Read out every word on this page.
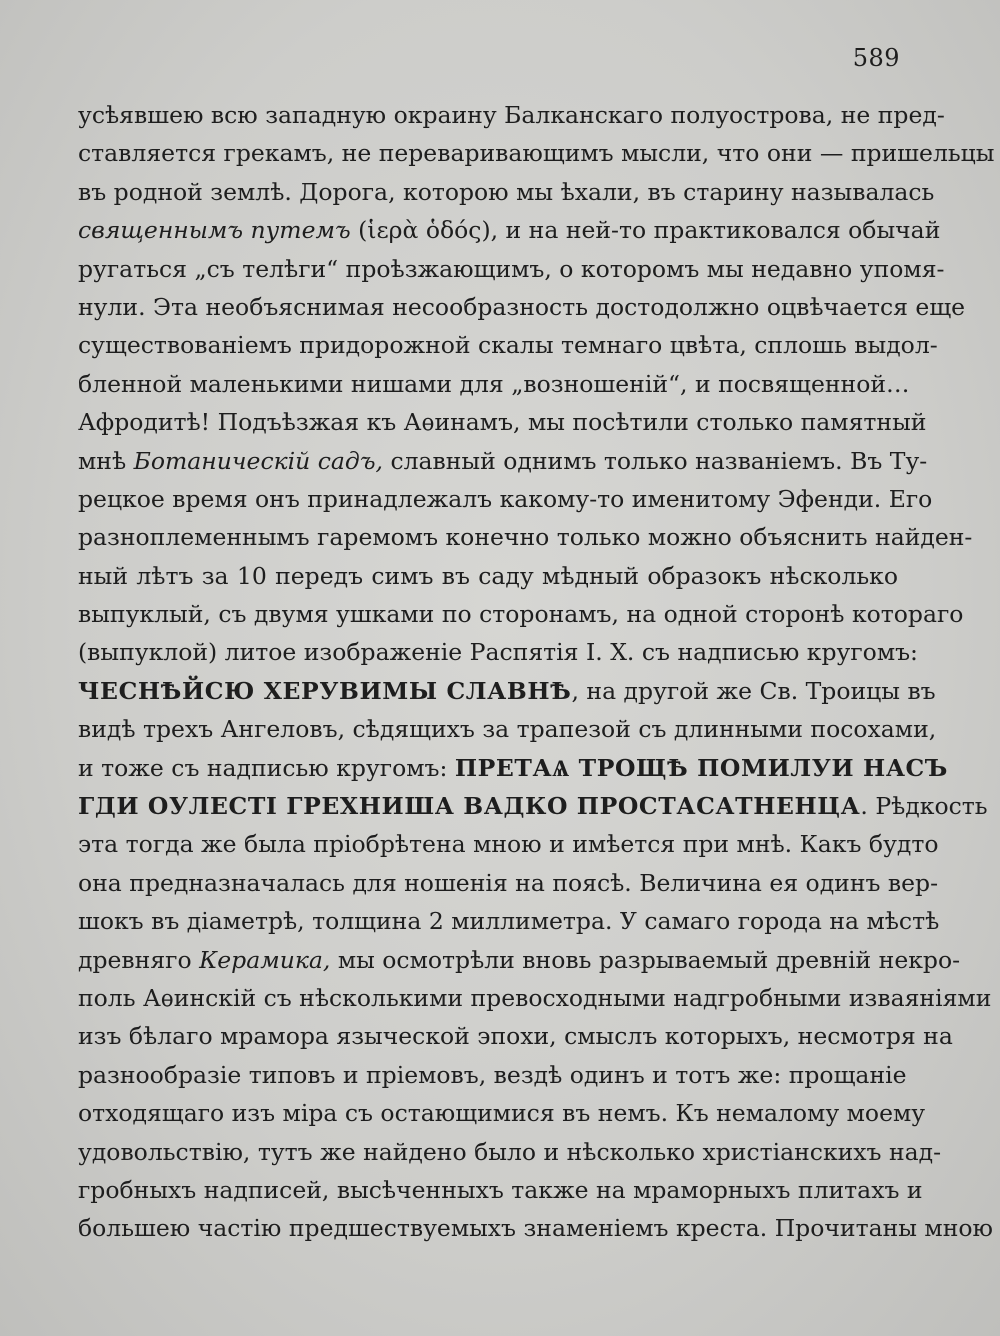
589
усѣявшею всю западную окраину Балканскаго полуострова, не пред-
ставляется грекамъ, не переваривающимъ мысли, что они — пришельцы
въ родной землѣ. Дорога, которою мы ѣхали, въ старину называлась
священнымъ путемъ (ἱερὰ ὁδός), и на ней-то практиковался обычай
ругаться „съ телѣги“ проѣзжающимъ, о которомъ мы недавно упомя-
нули. Эта необъяснимая несообразность достодолжно оцвѣчается еще
существованіемъ придорожной скалы темнаго цвѣта, сплошь выдол-
бленной маленькими нишами для „возношеній“, и посвященной…
Афродитѣ! Подъѣзжая къ Аѳинамъ, мы посѣтили столько памятный
мнѣ Ботаническій садъ, славный однимъ только названіемъ. Въ Ту-
рецкое время онъ принадлежалъ какому-то именитому Эфенди. Его
разноплеменнымъ гаремомъ конечно только можно объяснить найден-
ный лѣтъ за 10 передъ симъ въ саду мѣдный образокъ нѣсколько
выпуклый, съ двумя ушками по сторонамъ, на одной сторонѣ котораго
(выпуклой) литое изображеніе Распятія І. Х. съ надписью кругомъ:
ЧЕСНѢЙСЮ ХЕРУВИМЫ СЛАВНѢ, на другой же Св. Троицы въ
видѣ трехъ Ангеловъ, сѣдящихъ за трапезой съ длинными посохами,
и тоже съ надписью кругомъ: ПРЕТАѦ ТРОЩѢ ПОМИЛУИ НАСЪ
ГДИ ОУЛЕСТІ ГРЕХНИША ВАДКО ПРОСТАСАТНЕНЦА. Рѣдкость
эта тогда же была пріобрѣтена мною и имѣется при мнѣ. Какъ будто
она предназначалась для ношенія на поясѣ. Величина ея одинъ вер-
шокъ въ діаметрѣ, толщина 2 миллиметра. У самаго города на мѣстѣ
древняго Керамика, мы осмотрѣли вновь разрываемый древній некро-
поль Аѳинскій съ нѣсколькими превосходными надгробными изваяніями
изъ бѣлаго мрамора языческой эпохи, смыслъ которыхъ, несмотря на
разнообразіе типовъ и пріемовъ, вездѣ одинъ и тотъ же: прощаніе
отходящаго изъ міра съ остающимися въ немъ. Къ немалому моему
удовольствію, тутъ же найдено было и нѣсколько христіанскихъ над-
гробныхъ надписей, высѣченныхъ также на мраморныхъ плитахъ и
большею частію предшествуемыхъ знаменіемъ креста. Прочитаны мною
